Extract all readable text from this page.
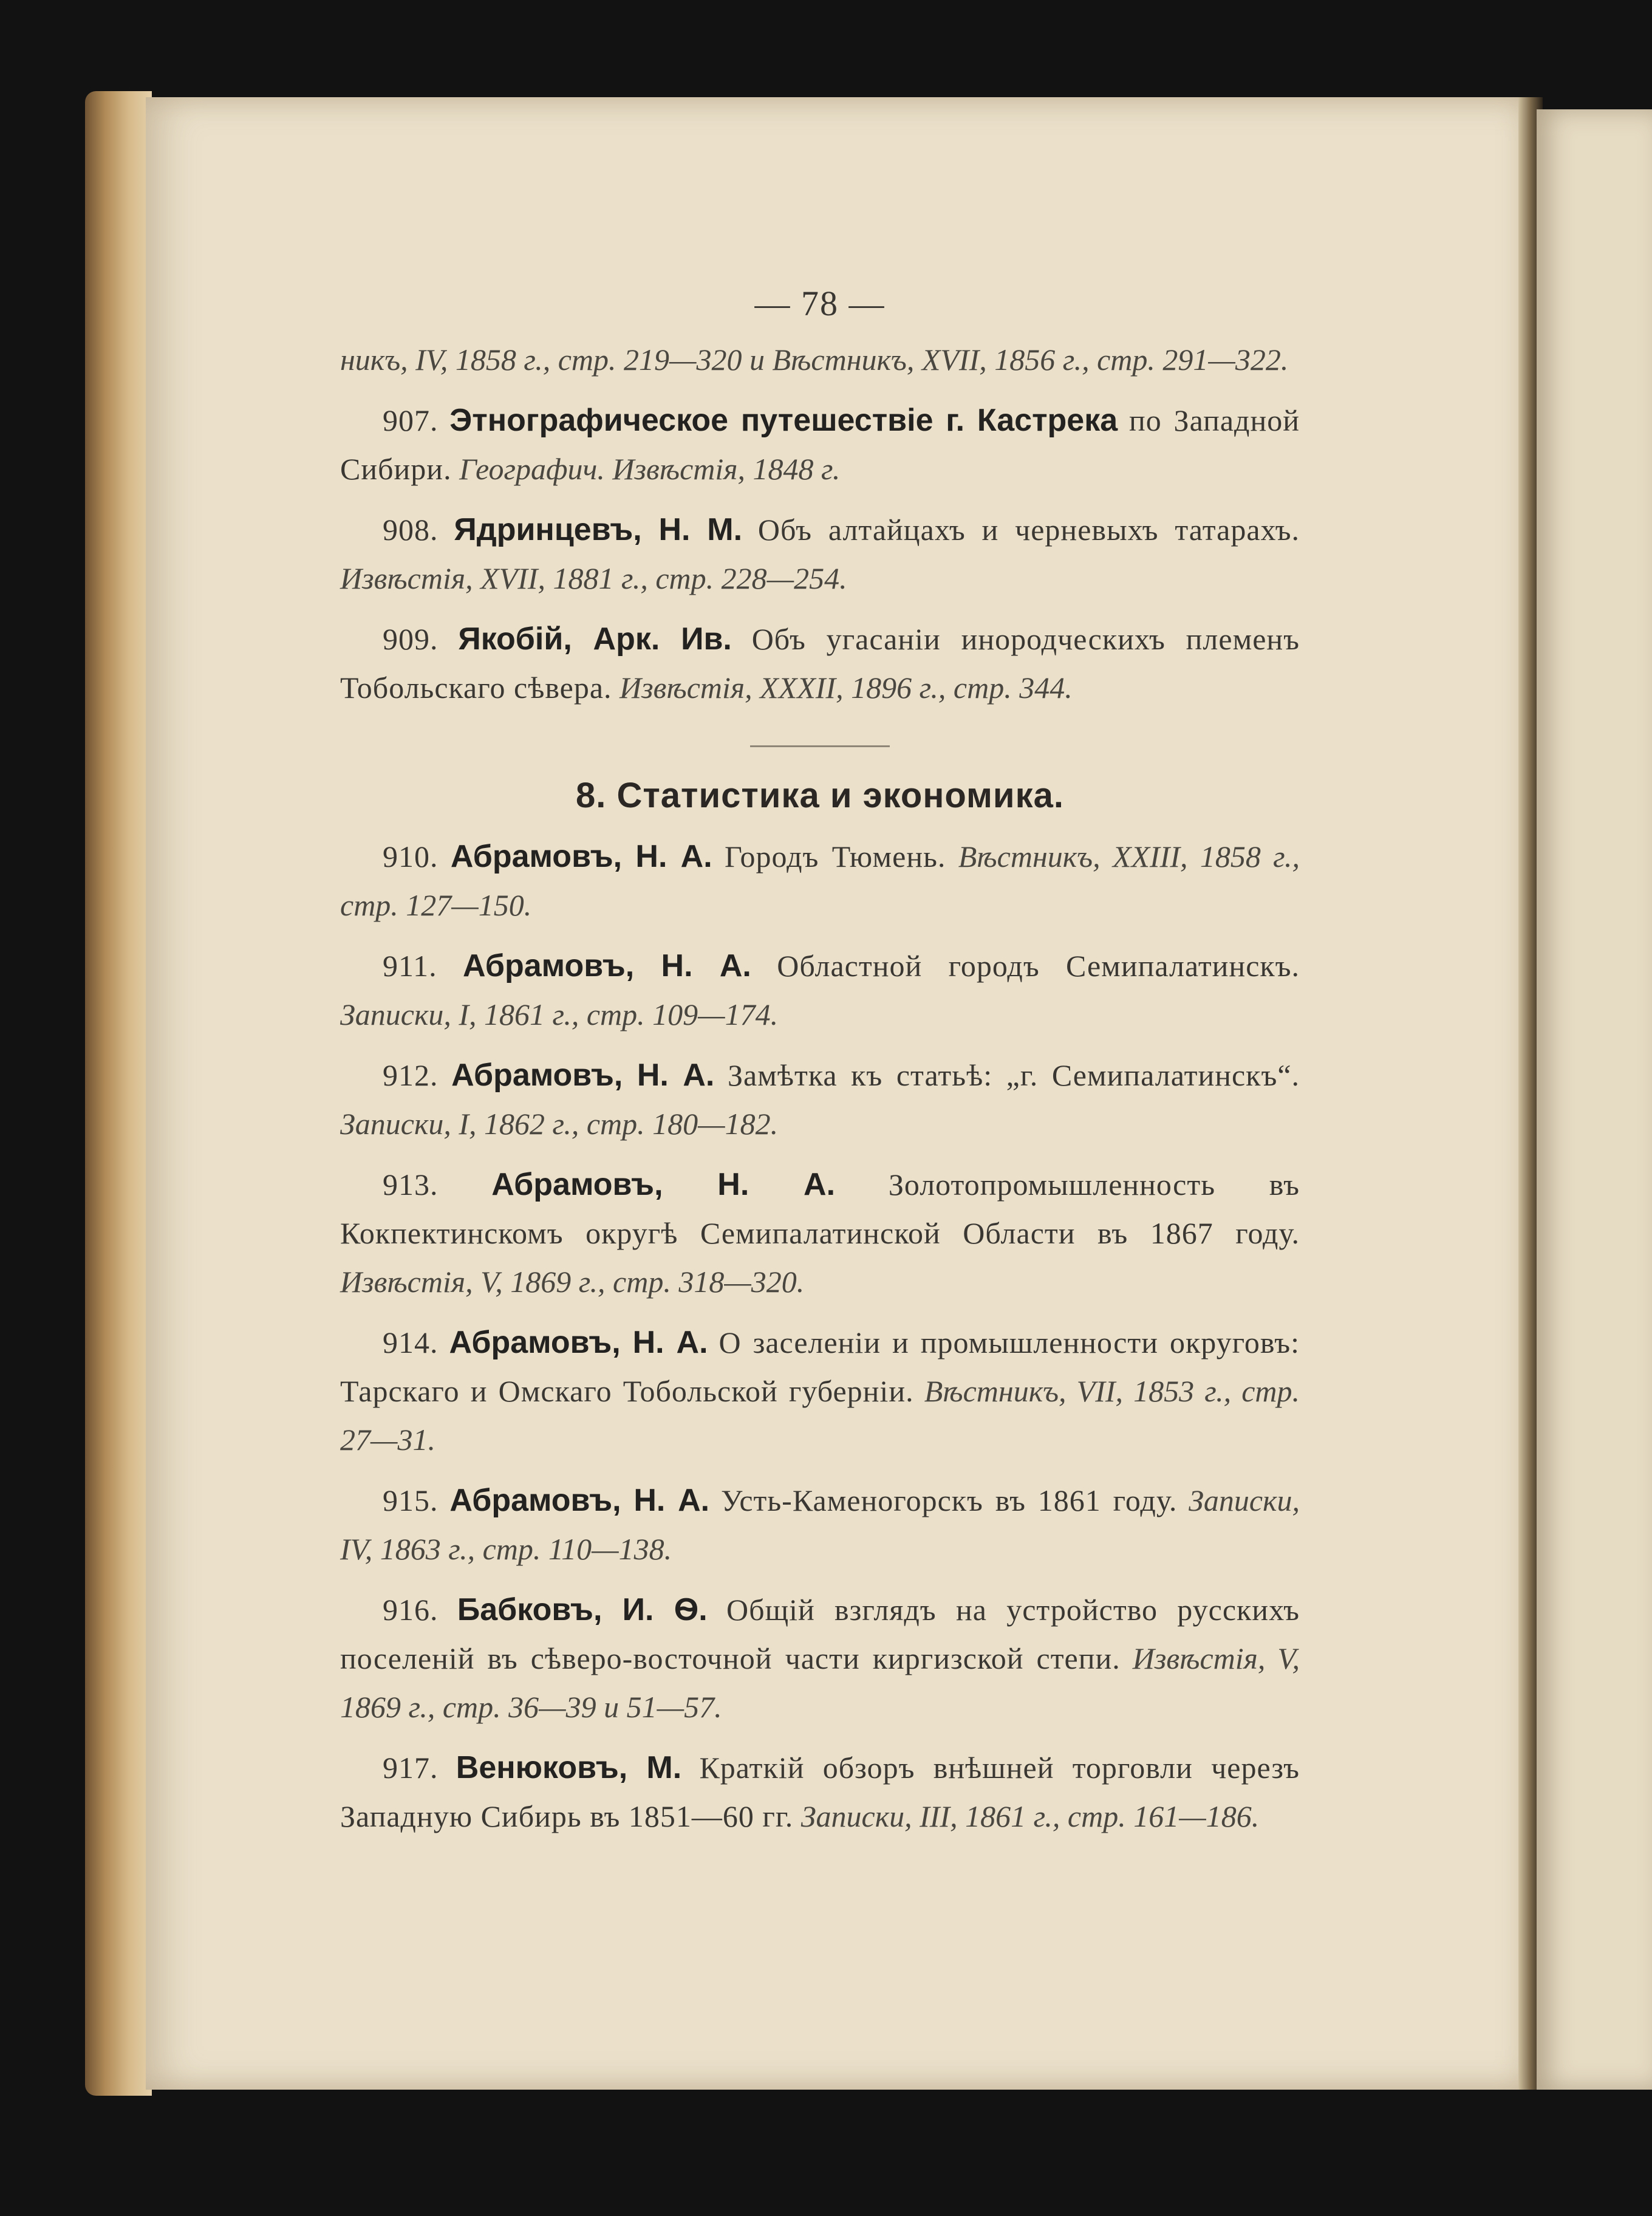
— 78 —
никъ, IV, 1858 г., стр. 219—320 и Вѣстникъ, XVII, 1856 г., стр. 291—322.
907. Этнографическое путешествіе г. Кастрека по Западной Сибири. Географич. Извѣстія, 1848 г.
908. Ядринцевъ, Н. М. Объ алтайцахъ и черневыхъ татарахъ. Извѣстія, XVII, 1881 г., стр. 228—254.
909. Якобій, Арк. Ив. Объ угасаніи инородческихъ племенъ Тобольскаго сѣвера. Извѣстія, XXXII, 1896 г., стр. 344.
8. Статистика и экономика.
910. Абрамовъ, Н. А. Городъ Тюмень. Вѣстникъ, XXIII, 1858 г., стр. 127—150.
911. Абрамовъ, Н. А. Областной городъ Семипалатинскъ. Записки, I, 1861 г., стр. 109—174.
912. Абрамовъ, Н. А. Замѣтка къ статьѣ: „г. Семипалатинскъ“. Записки, I, 1862 г., стр. 180—182.
913. Абрамовъ, Н. А. Золотопромышленность въ Кокпектинскомъ округѣ Семипалатинской Области въ 1867 году. Извѣстія, V, 1869 г., стр. 318—320.
914. Абрамовъ, Н. А. О заселеніи и промышленности округовъ: Тарскаго и Омскаго Тобольской губерніи. Вѣстникъ, VII, 1853 г., стр. 27—31.
915. Абрамовъ, Н. А. Усть-Каменогорскъ въ 1861 году. Записки, IV, 1863 г., стр. 110—138.
916. Бабковъ, И. Ѳ. Общій взглядъ на устройство русскихъ поселеній въ сѣверо-восточной части киргизской степи. Извѣстія, V, 1869 г., стр. 36—39 и 51—57.
917. Венюковъ, М. Краткій обзоръ внѣшней торговли черезъ Западную Сибирь въ 1851—60 гг. Записки, III, 1861 г., стр. 161—186.
